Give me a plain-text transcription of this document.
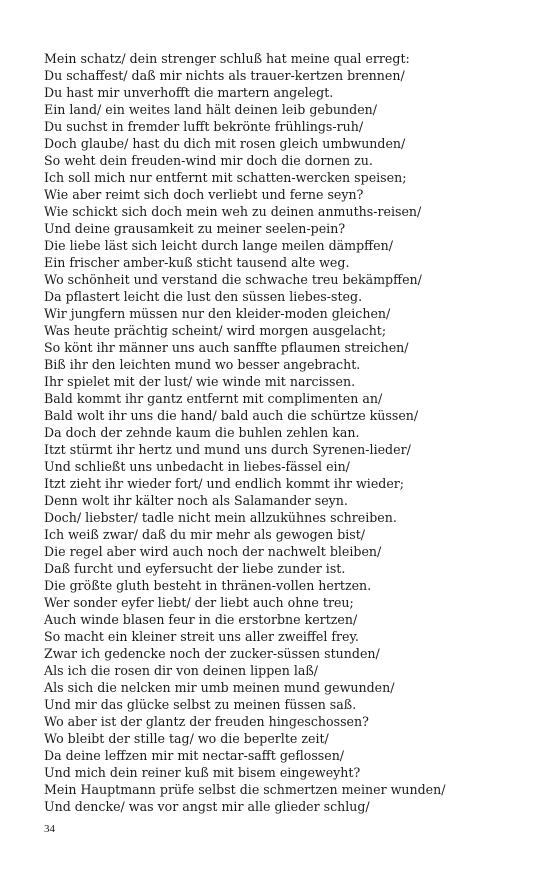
Mein schatz/ dein strenger schluß hat meine qual erregt:
Du schaffest/ daß mir nichts als trauer-kertzen brennen/
Du hast mir unverhofft die martern angelegt.
Ein land/ ein weites land hält deinen leib gebunden/
Du suchst in fremder lufft bekrönte frühlings-ruh/
Doch glaube/ hast du dich mit rosen gleich umbwunden/
So weht dein freuden-wind mir doch die dornen zu.
Ich soll mich nur entfernt mit schatten-wercken speisen;
Wie aber reimt sich doch verliebt und ferne seyn?
Wie schickt sich doch mein weh zu deinen anmuths-reisen/
Und deine grausamkeit zu meiner seelen-pein?
Die liebe läst sich leicht durch lange meilen dämpffen/
Ein frischer amber-kuß sticht tausend alte weg.
Wo schönheit und verstand die schwache treu bekämpffen/
Da pflastert leicht die lust den süssen liebes-steg.
Wir jungfern müssen nur den kleider-moden gleichen/
Was heute prächtig scheint/ wird morgen ausgelacht;
So könt ihr männer uns auch sanffte pflaumen streichen/
Biß ihr den leichten mund wo besser angebracht.
Ihr spielet mit der lust/ wie winde mit narcissen.
Bald kommt ihr gantz entfernt mit complimenten an/
Bald wolt ihr uns die hand/ bald auch die schürtze küssen/
Da doch der zehnde kaum die buhlen zehlen kan.
Itzt stürmt ihr hertz und mund uns durch Syrenen-lieder/
Und schließt uns unbedacht in liebes-fässel ein/
Itzt zieht ihr wieder fort/ und endlich kommt ihr wieder;
Denn wolt ihr kälter noch als Salamander seyn.
Doch/ liebster/ tadle nicht mein allzukühnes schreiben.
Ich weiß zwar/ daß du mir mehr als gewogen bist/
Die regel aber wird auch noch der nachwelt bleiben/
Daß furcht und eyfersucht der liebe zunder ist.
Die größte gluth besteht in thränen-vollen hertzen.
Wer sonder eyfer liebt/ der liebt auch ohne treu;
Auch winde blasen feur in die erstorbne kertzen/
So macht ein kleiner streit uns aller zweiffel frey.
Zwar ich gedencke noch der zucker-süssen stunden/
Als ich die rosen dir von deinen lippen laß/
Als sich die nelcken mir umb meinen mund gewunden/
Und mir das glücke selbst zu meinen füssen saß.
Wo aber ist der glantz der freuden hingeschossen?
Wo bleibt der stille tag/ wo die beperlte zeit/
Da deine leffzen mir mit nectar-safft geflossen/
Und mich dein reiner kuß mit bisem eingeweyht?
Mein Hauptmann prüfe selbst die schmertzen meiner wunden/
Und dencke/ was vor angst mir alle glieder schlug/
34
